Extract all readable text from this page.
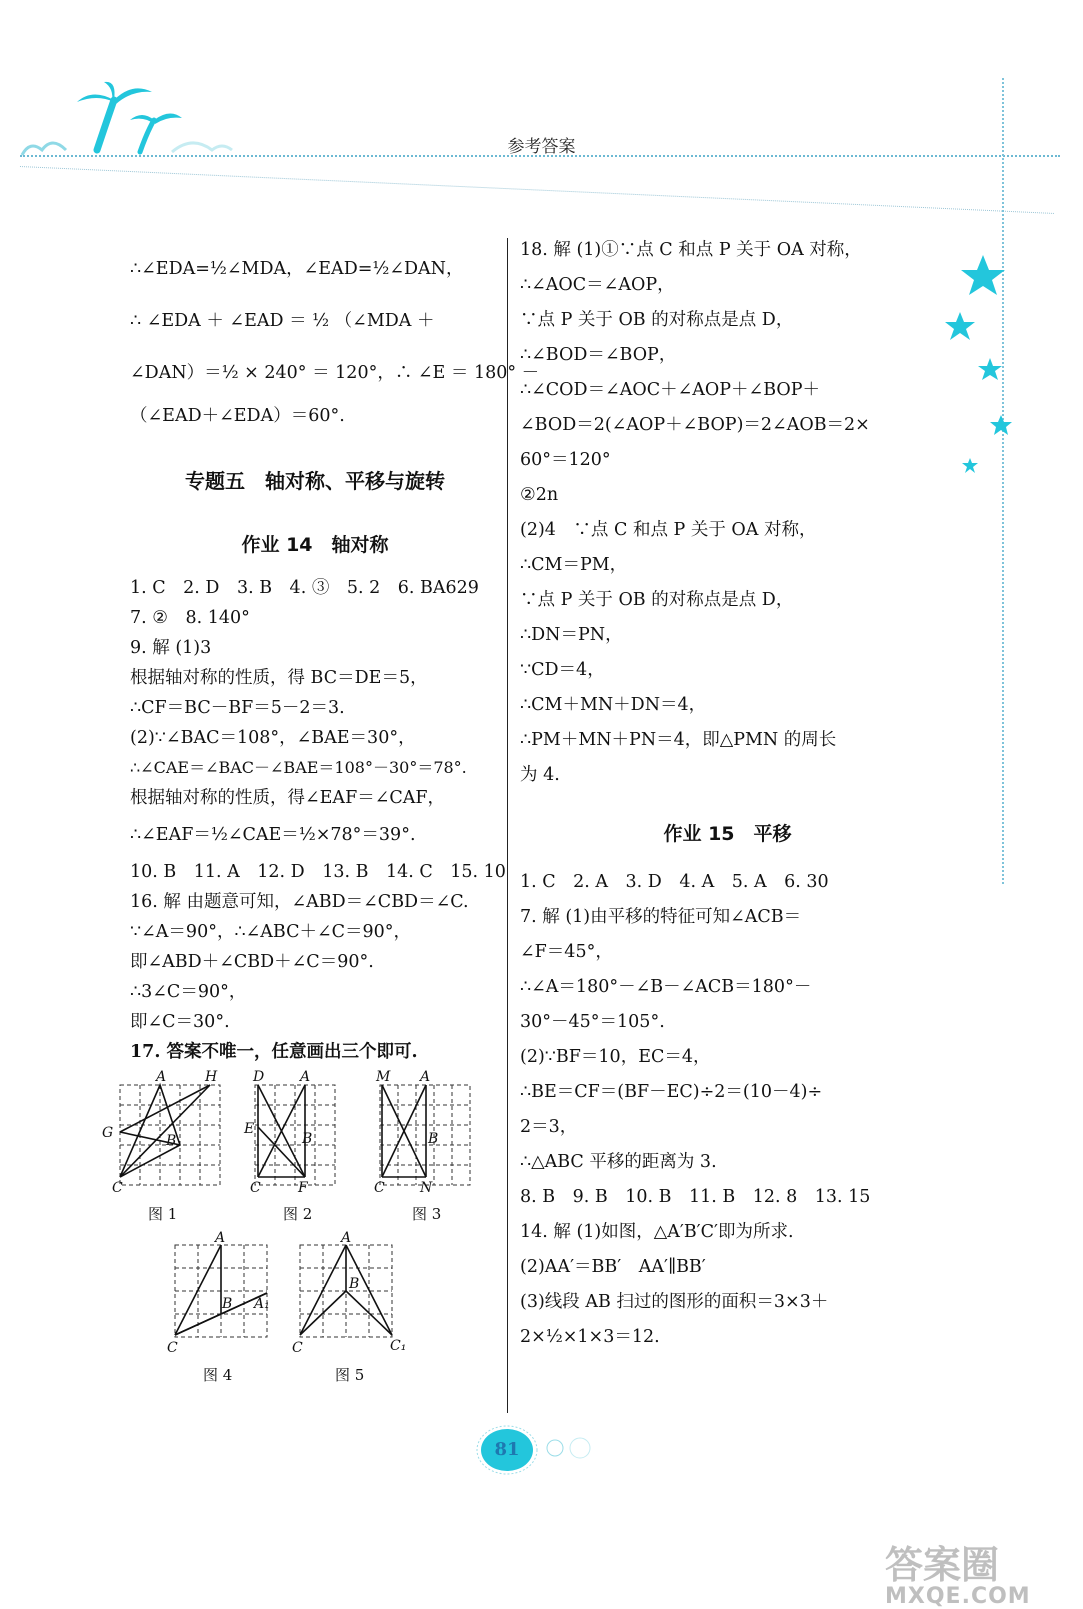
参考答案
∴∠EDA=½∠MDA，∠EAD=½∠DAN，
∴ ∠EDA ＋ ∠EAD ＝ ½ （∠MDA ＋
∠DAN）＝½ × 240° ＝ 120°，∴ ∠E ＝ 180° －
（∠EAD＋∠EDA）＝60°.
专题五　轴对称、平移与旋转
作业 14　轴对称
1. C　2. D　3. B　4. ③　5. 2　6. BA629
7. ②　8. 140°
9. 解 (1)3
根据轴对称的性质，得 BC＝DE＝5，
∴CF＝BC－BF＝5－2＝3.
(2)∵∠BAC＝108°，∠BAE＝30°，
∴∠CAE＝∠BAC－∠BAE＝108°－30°＝78°.
根据轴对称的性质，得∠EAF＝∠CAF，
∴∠EAF＝½∠CAE＝½×78°＝39°.
10. B　11. A　12. D　13. B　14. C　15. 10
16. 解 由题意可知，∠ABD＝∠CBD＝∠C.
∵∠A＝90°，∴∠ABC＋∠C＝90°，
即∠ABD＋∠CBD＋∠C＝90°.
∴3∠C＝90°，
即∠C＝30°.
17. 答案不唯一，任意画出三个即可.
A	H
G	B
C
D	A
E
B
C	F
M A
B
C	N
图 1	图 2	图 3
A
B A₁
C
A
B
C	C₁
图 4	图 5
18. 解 (1)①∵点 C 和点 P 关于 OA 对称，
∴∠AOC＝∠AOP，
∵点 P 关于 OB 的对称点是点 D，
∴∠BOD＝∠BOP，
∴∠COD＝∠AOC＋∠AOP＋∠BOP＋
∠BOD＝2(∠AOP＋∠BOP)＝2∠AOB＝2×
60°＝120°
②2n
(2)4　∵点 C 和点 P 关于 OA 对称，
∴CM＝PM，
∵点 P 关于 OB 的对称点是点 D，
∴DN＝PN，
∵CD＝4，
∴CM＋MN＋DN＝4，
∴PM＋MN＋PN＝4，即△PMN 的周长
为 4.
作业 15　平移
1. C　2. A　3. D　4. A　5. A　6. 30
7. 解 (1)由平移的特征可知∠ACB＝
∠F＝45°，
∴∠A＝180°－∠B－∠ACB＝180°－
30°－45°＝105°.
(2)∵BF＝10，EC＝4，
∴BE＝CF＝(BF－EC)÷2＝(10－4)÷
2＝3，
∴△ABC 平移的距离为 3.
8. B　9. B　10. B　11. B　12. 8　13. 15
14. 解 (1)如图，△A′B′C′即为所求.
(2)AA′＝BB′　AA′∥BB′
(3)线段 AB 扫过的图形的面积＝3×3＋
2×½×1×3＝12.
81
答案圈
MXQE.COM
